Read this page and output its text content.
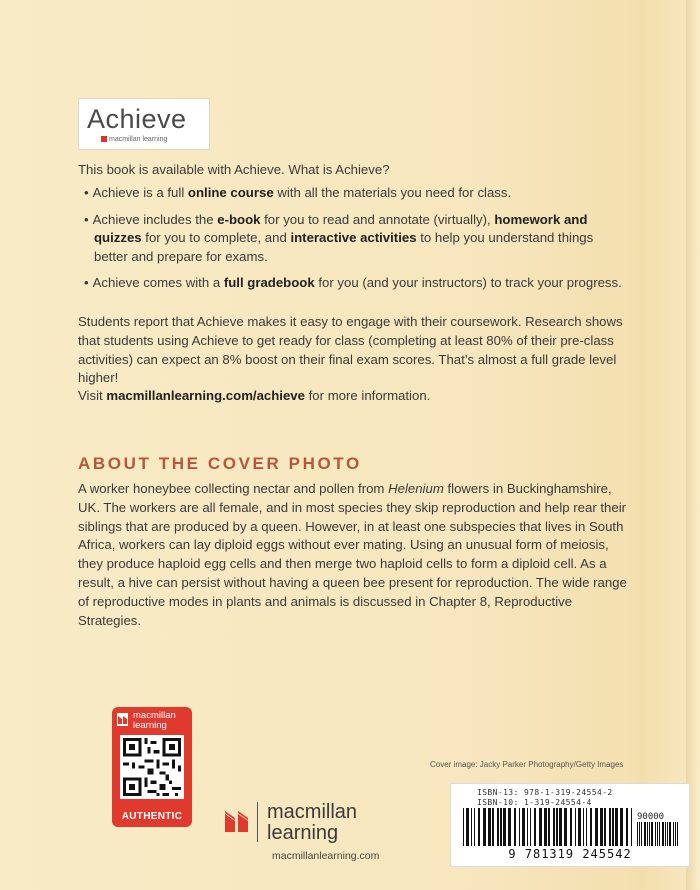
Achieve
macmillan learning
This book is available with Achieve. What is Achieve?
• Achieve is a full online course with all the materials you need for class.
• Achieve includes the e-book for you to read and annotate (virtually), homework and quizzes for you to complete, and interactive activities to help you understand things better and prepare for exams.
• Achieve comes with a full gradebook for you (and your instructors) to track your progress.
Students report that Achieve makes it easy to engage with their coursework. Research shows that students using Achieve to get ready for class (completing at least 80% of their pre-class activities) can expect an 8% boost on their final exam scores. That’s almost a full grade level higher!
Visit macmillanlearning.com/achieve for more information.
ABOUT THE COVER PHOTO
A worker honeybee collecting nectar and pollen from Helenium flowers in Buckinghamshire, UK. The workers are all female, and in most species they skip reproduction and help rear their siblings that are produced by a queen. However, in at least one subspecies that lives in South Africa, workers can lay diploid eggs without ever mating. Using an unusual form of meiosis, they produce haploid egg cells and then merge two haploid cells to form a diploid cell. As a result, a hive can persist without having a queen bee present for reproduction. The wide range of reproductive modes in plants and animals is discussed in Chapter 8, Reproductive Strategies.
macmillan learning
AUTHENTIC
Cover image: Jacky Parker Photography/Getty Images
macmillan
learning
macmillanlearning.com
ISBN-13: 978-1-319-24554-2
ISBN-10: 1-319-24554-4
90000
9 781319 245542
